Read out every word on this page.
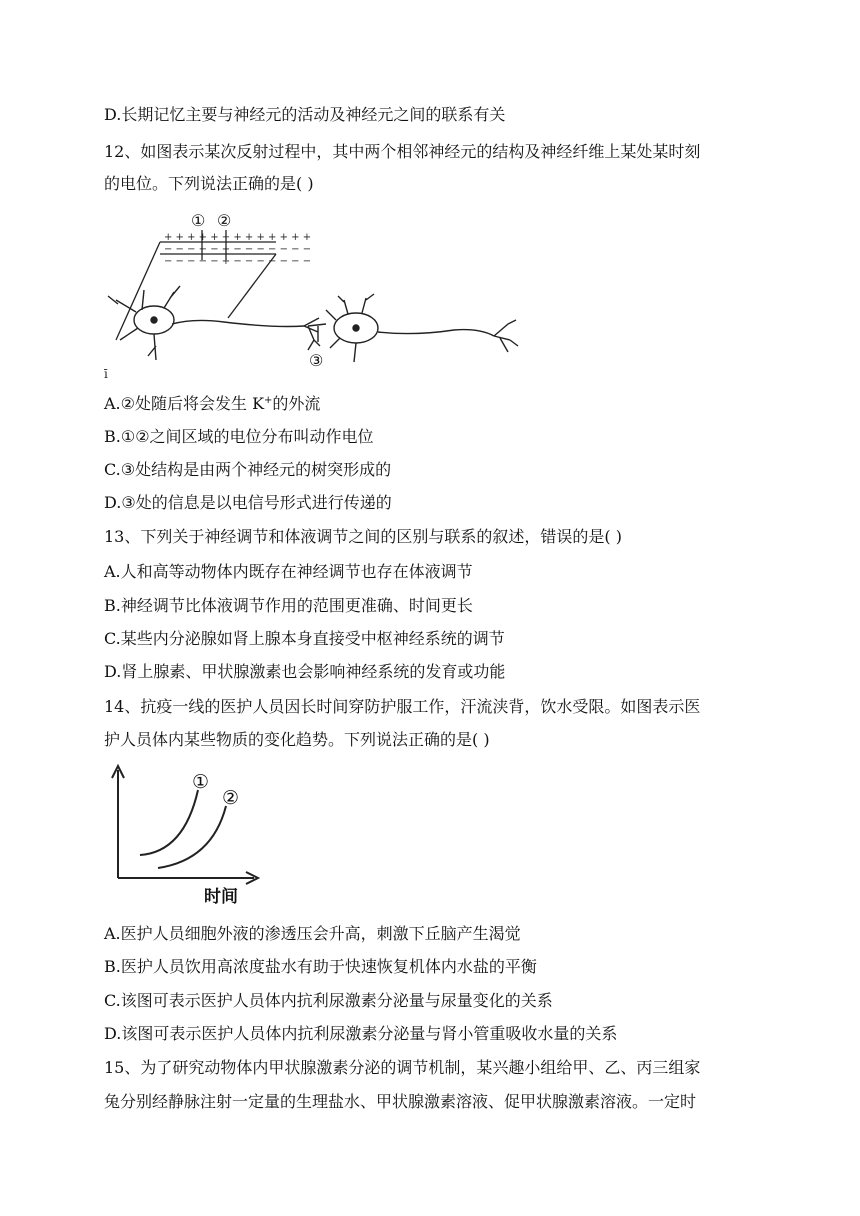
D.长期记忆主要与神经元的活动及神经元之间的联系有关
12、如图表示某次反射过程中，其中两个相邻神经元的结构及神经纤维上某处某时刻
的电位。下列说法正确的是( )
+ + + + + − + + + + + + +
− − − − − + − − − − − − −
− − − − − + − − − − − − −
① ②
③
ī
A.②处随后将会发生 K+的外流
B.①②之间区域的电位分布叫动作电位
C.③处结构是由两个神经元的树突形成的
D.③处的信息是以电信号形式进行传递的
13、下列关于神经调节和体液调节之间的区别与联系的叙述，错误的是( )
A.人和高等动物体内既存在神经调节也存在体液调节
B.神经调节比体液调节作用的范围更准确、时间更长
C.某些内分泌腺如肾上腺本身直接受中枢神经系统的调节
D.肾上腺素、甲状腺激素也会影响神经系统的发育或功能
14、抗疫一线的医护人员因长时间穿防护服工作，汗流浃背，饮水受限。如图表示医
护人员体内某些物质的变化趋势。下列说法正确的是( )
①
②
时间
A.医护人员细胞外液的渗透压会升高，刺激下丘脑产生渴觉
B.医护人员饮用高浓度盐水有助于快速恢复机体内水盐的平衡
C.该图可表示医护人员体内抗利尿激素分泌量与尿量变化的关系
D.该图可表示医护人员体内抗利尿激素分泌量与肾小管重吸收水量的关系
15、为了研究动物体内甲状腺激素分泌的调节机制，某兴趣小组给甲、乙、丙三组家
兔分别经静脉注射一定量的生理盐水、甲状腺激素溶液、促甲状腺激素溶液。一定时
